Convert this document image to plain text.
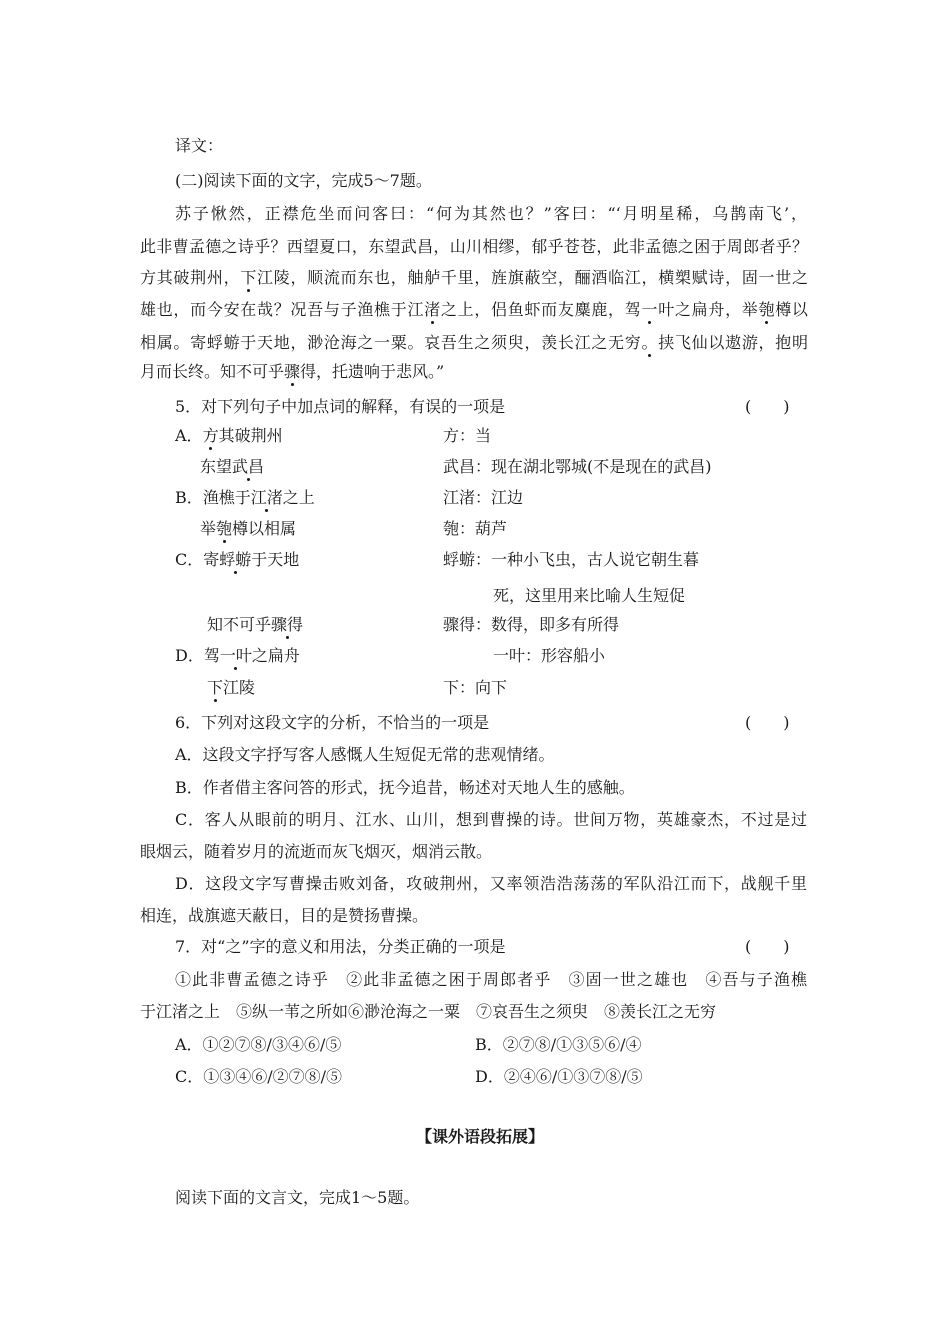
译文：
(二)阅读下面的文字，完成5～7题。
苏子愀然，正襟危坐而问客曰：“何为其然也？”客曰：“‘月明星稀，乌鹊南飞’，
此非曹孟德之诗乎？西望夏口，东望武昌，山川相缪，郁乎苍苍，此非孟德之困于周郎者乎？
方其破荆州，下江陵，顺流而东也，舳舻千里，旌旗蔽空，酾酒临江，横槊赋诗，固一世之
雄也，而今安在哉？况吾与子渔樵于江渚之上，侣鱼虾而友麋鹿，驾一叶之扁舟，举匏樽以
相属。寄蜉蝣于天地，渺沧海之一粟。哀吾生之须臾，羡长江之无穷。挟飞仙以遨游，抱明
月而长终。知不可乎骤得，托遗响于悲风。”
5．对下列句子中加点词的解释，有误的一项是	(　　)
A．方其破荆州	方：当
东望武昌	武昌：现在湖北鄂城(不是现在的武昌)
B．渔樵于江渚之上	江渚：江边
举匏樽以相属	匏：葫芦
C．寄蜉蝣于天地	蜉蝣：一种小飞虫，古人说它朝生暮
死，这里用来比喻人生短促
知不可乎骤得	骤得：数得，即多有所得
D．驾一叶之扁舟	一叶：形容船小
下江陵	下：向下
6．下列对这段文字的分析，不恰当的一项是	(　　)
A．这段文字抒写客人感慨人生短促无常的悲观情绪。
B．作者借主客问答的形式，抚今追昔，畅述对天地人生的感触。
C．客人从眼前的明月、江水、山川，想到曹操的诗。世间万物，英雄豪杰，不过是过
眼烟云，随着岁月的流逝而灰飞烟灭，烟消云散。
D．这段文字写曹操击败刘备，攻破荆州，又率领浩浩荡荡的军队沿江而下，战舰千里
相连，战旗遮天蔽日，目的是赞扬曹操。
7．对“之”字的意义和用法，分类正确的一项是	(　　)
①此非曹孟德之诗乎　②此非孟德之困于周郎者乎　③固一世之雄也　④吾与子渔樵
于江渚之上　⑤纵一苇之所如⑥渺沧海之一粟　⑦哀吾生之须臾　⑧羡长江之无穷
A．①②⑦⑧/③④⑥/⑤	B．②⑦⑧/①③⑤⑥/④
C．①③④⑥/②⑦⑧/⑤	D．②④⑥/①③⑦⑧/⑤
【课外语段拓展】
阅读下面的文言文，完成1～5题。
